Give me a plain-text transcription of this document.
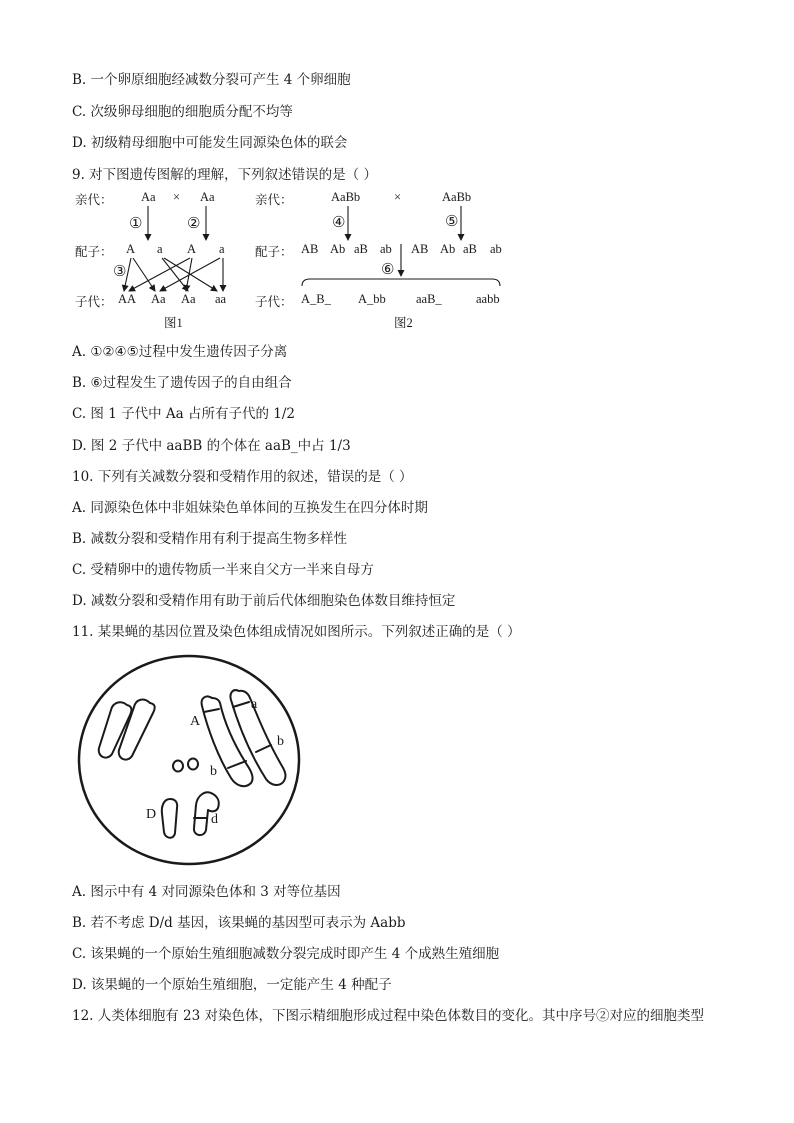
B. 一个卵原细胞经减数分裂可产生 4 个卵细胞
C. 次级卵母细胞的细胞质分配不均等
D. 初级精母细胞中可能发生同源染色体的联会
9. 对下图遗传图解的理解，下列叙述错误的是（ ）
亲代： Aa × Aa
①	②
配子： A a A a
③
子代： AA Aa Aa aa
图1
亲代：	AaBb	×	AaBb
④	⑤
配子： AB Ab aB ab AB Ab aB ab
⑥
子代： A_B_ A_bb aaB_	aabb
图2
A. ①②④⑤过程中发生遗传因子分离
B. ⑥过程发生了遗传因子的自由组合
C. 图 1 子代中 Aa 占所有子代的 1/2
D. 图 2 子代中 aaBB 的个体在 aaB_中占 1/3
10. 下列有关减数分裂和受精作用的叙述，错误的是（ ）
A. 同源染色体中非姐妹染色单体间的互换发生在四分体时期
B. 减数分裂和受精作用有利于提高生物多样性
C. 受精卵中的遗传物质一半来自父方一半来自母方
D. 减数分裂和受精作用有助于前后代体细胞染色体数目维持恒定
11. 某果蝇的基因位置及染色体组成情况如图所示。下列叙述正确的是（ ）
A
a
b
b
D	d
A. 图示中有 4 对同源染色体和 3 对等位基因
B. 若不考虑 D/d 基因，该果蝇的基因型可表示为 Aabb
C. 该果蝇的一个原始生殖细胞减数分裂完成时即产生 4 个成熟生殖细胞
D. 该果蝇的一个原始生殖细胞，一定能产生 4 种配子
12. 人类体细胞有 23 对染色体，下图示精细胞形成过程中染色体数目的变化。其中序号②对应的细胞类型
